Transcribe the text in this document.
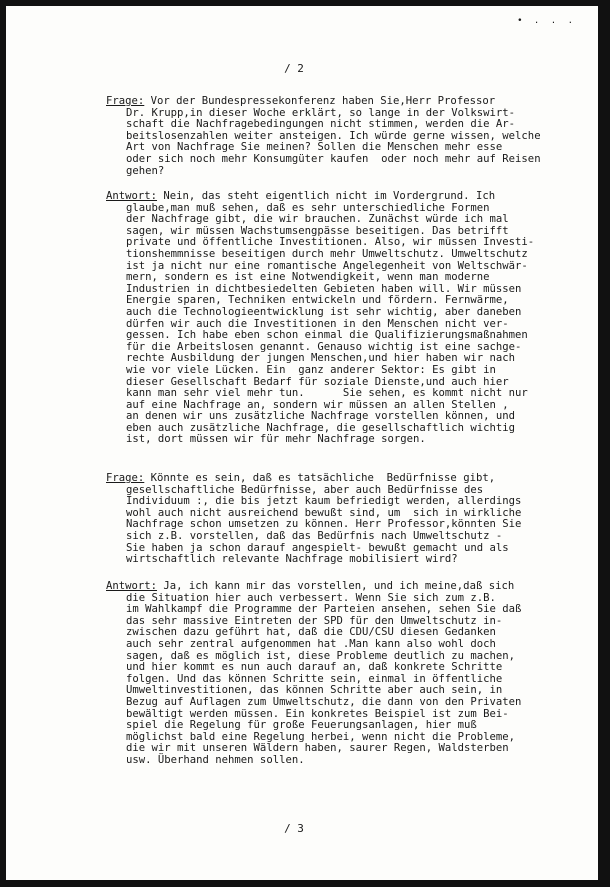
• . . .
/ 2
Frage: Vor der Bundespressekonferenz haben Sie,Herr Professor
Dr. Krupp,in dieser Woche erklärt, so lange in der Volkswirt-
schaft die Nachfragebedingungen nicht stimmen, werden die Ar-
beitslosenzahlen weiter ansteigen. Ich würde gerne wissen, welche
Art von Nachfrage Sie meinen? Sollen die Menschen mehr esse
oder sich noch mehr Konsumgüter kaufen  oder noch mehr auf Reisen
gehen?
Antwort: Nein, das steht eigentlich nicht im Vordergrund. Ich
glaube,man muß sehen, daß es sehr unterschiedliche Formen
der Nachfrage gibt, die wir brauchen. Zunächst würde ich mal
sagen, wir müssen Wachstumsengpässe beseitigen. Das betrifft
private und öffentliche Investitionen. Also, wir müssen Investi-
tionshemmnisse beseitigen durch mehr Umweltschutz. Umweltschutz
ist ja nicht nur eine romantische Angelegenheit von Weltschwär-
mern, sondern es ist eine Notwendigkeit, wenn man moderne
Industrien in dichtbesiedelten Gebieten haben will. Wir müssen
Energie sparen, Techniken entwickeln und fördern. Fernwärme,
auch die Technologieentwicklung ist sehr wichtig, aber daneben
dürfen wir auch die Investitionen in den Menschen nicht ver-
gessen. Ich habe eben schon einmal die Qualifizierungsmaßnahmen
für die Arbeitslosen genannt. Genauso wichtig ist eine sachge-
rechte Ausbildung der jungen Menschen,und hier haben wir nach
wie vor viele Lücken. Ein  ganz anderer Sektor: Es gibt in
dieser Gesellschaft Bedarf für soziale Dienste,und auch hier
kann man sehr viel mehr tun.      Sie sehen, es kommt nicht nur
auf eine Nachfrage an, sondern wir müssen an allen Stellen ,
an denen wir uns zusätzliche Nachfrage vorstellen können, und
eben auch zusätzliche Nachfrage, die gesellschaftlich wichtig
ist, dort müssen wir für mehr Nachfrage sorgen.
Frage: Könnte es sein, daß es tatsächliche  Bedürfnisse gibt,
gesellschaftliche Bedürfnisse, aber auch Bedürfnisse des
Individuum :, die bis jetzt kaum befriedigt werden, allerdings
wohl auch nicht ausreichend bewußt sind, um  sich in wirkliche
Nachfrage schon umsetzen zu können. Herr Professor,könnten Sie
sich z.B. vorstellen, daß das Bedürfnis nach Umweltschutz -
Sie haben ja schon darauf angespielt- bewußt gemacht und als
wirtschaftlich relevante Nachfrage mobilisiert wird?
Antwort: Ja, ich kann mir das vorstellen, und ich meine,daß sich
die Situation hier auch verbessert. Wenn Sie sich zum z.B.
im Wahlkampf die Programme der Parteien ansehen, sehen Sie daß
das sehr massive Eintreten der SPD für den Umweltschutz in-
zwischen dazu geführt hat, daß die CDU/CSU diesen Gedanken
auch sehr zentral aufgenommen hat .Man kann also wohl doch
sagen, daß es möglich ist, diese Probleme deutlich zu machen,
und hier kommt es nun auch darauf an, daß konkrete Schritte
folgen. Und das können Schritte sein, einmal in öffentliche
Umweltinvestitionen, das können Schritte aber auch sein, in
Bezug auf Auflagen zum Umweltschutz, die dann von den Privaten
bewältigt werden müssen. Ein konkretes Beispiel ist zum Bei-
spiel die Regelung für große Feuerungsanlagen, hier muß
möglichst bald eine Regelung herbei, wenn nicht die Probleme,
die wir mit unseren Wäldern haben, saurer Regen, Waldsterben
usw. Überhand nehmen sollen.
/ 3
